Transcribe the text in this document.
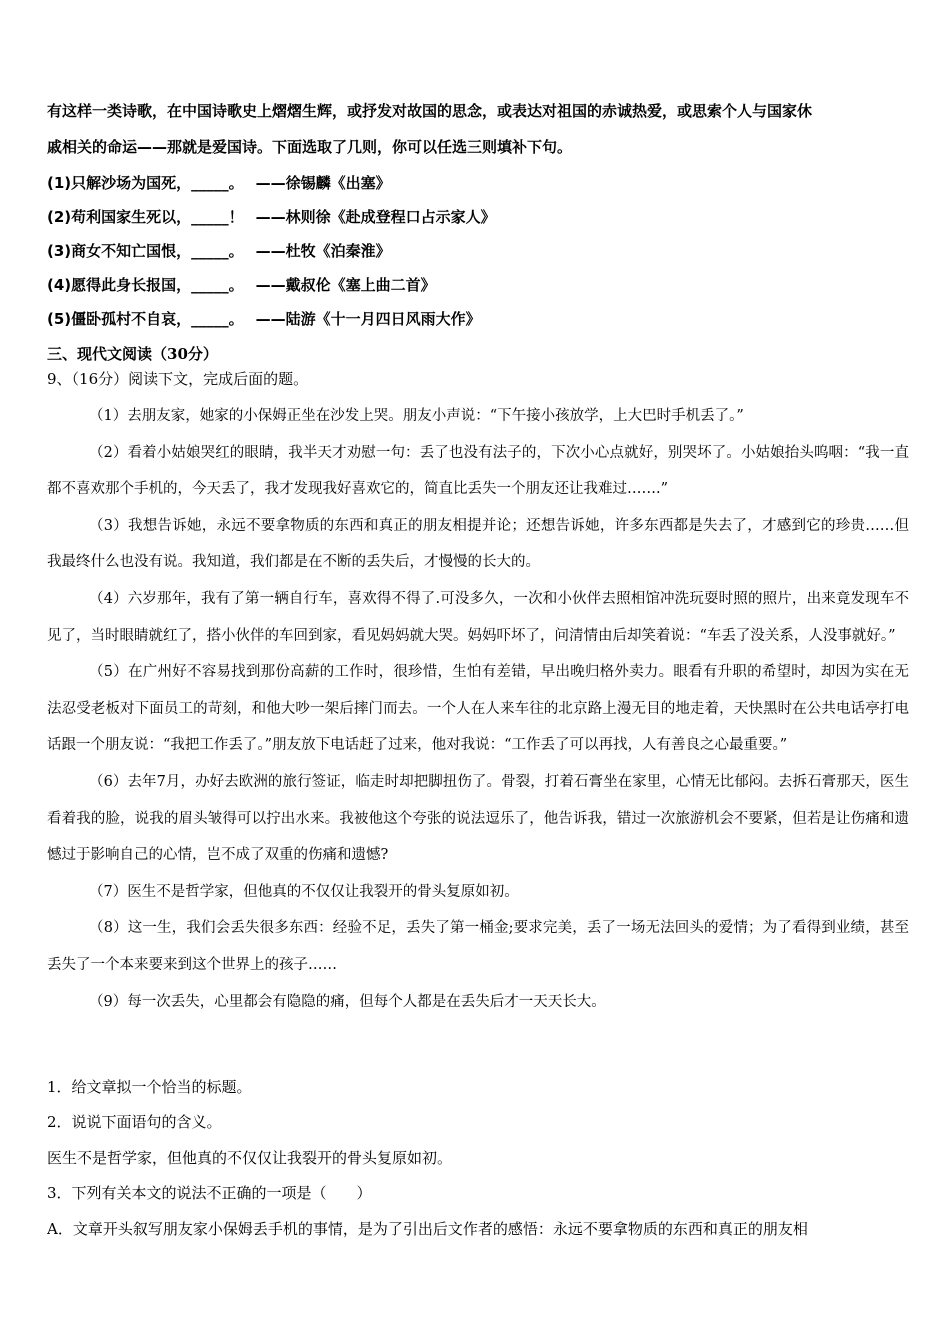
有这样一类诗歌，在中国诗歌史上熠熠生辉，或抒发对故国的思念，或表达对祖国的赤诚热爱，或思索个人与国家休

戚相关的命运——那就是爱国诗。下面选取了几则，你可以任选三则填补下句。

(1)只解沙场为国死，_____。 ——徐锡麟《出塞》
(2)苟利国家生死以，_____！ ——林则徐《赴成登程口占示家人》
(3)商女不知亡国恨，_____。 ——杜牧《泊秦淮》
(4)愿得此身长报国，_____。 ——戴叔伦《塞上曲二首》
(5)僵卧孤村不自哀，_____。 ——陆游《十一月四日风雨大作》
三、现代文阅读（30分）
9、（16分）阅读下文，完成后面的题。

（1）去朋友家，她家的小保姆正坐在沙发上哭。朋友小声说：“下午接小孩放学，上大巴时手机丢了。”

（2）看着小姑娘哭红的眼睛，我半天才劝慰一句：丢了也没有法子的，下次小心点就好，别哭坏了。小姑娘抬头呜咽：“我一直都不喜欢那个手机的，今天丢了，我才发现我好喜欢它的，简直比丢失一个朋友还让我难过…….”

（3）我想告诉她，永远不要拿物质的东西和真正的朋友相提并论；还想告诉她，许多东西都是失去了，才感到它的珍贵……但我最终什么也没有说。我知道，我们都是在不断的丢失后，才慢慢的长大的。

（4）六岁那年，我有了第一辆自行车，喜欢得不得了.可没多久，一次和小伙伴去照相馆冲洗玩耍时照的照片，出来竟发现车不见了，当时眼睛就红了，搭小伙伴的车回到家，看见妈妈就大哭。妈妈吓坏了，问清情由后却笑着说：“车丢了没关系，人没事就好。”

（5）在广州好不容易找到那份高薪的工作时，很珍惜，生怕有差错，早出晚归格外卖力。眼看有升职的希望时，却因为实在无法忍受老板对下面员工的苛刻，和他大吵一架后摔门而去。一个人在人来车往的北京路上漫无目的地走着，天快黑时在公共电话亭打电话跟一个朋友说：“我把工作丢了。”朋友放下电话赶了过来，他对我说：“工作丢了可以再找，人有善良之心最重要。”

（6）去年7月，办好去欧洲的旅行签证，临走时却把脚扭伤了。骨裂，打着石膏坐在家里，心情无比郁闷。去拆石膏那天，医生看着我的脸，说我的眉头皱得可以拧出水来。我被他这个夸张的说法逗乐了，他告诉我，错过一次旅游机会不要紧，但若是让伤痛和遗憾过于影响自己的心情，岂不成了双重的伤痛和遗憾?

（7）医生不是哲学家，但他真的不仅仅让我裂开的骨头复原如初。

（8）这一生，我们会丢失很多东西：经验不足，丢失了第一桶金;要求完美，丢了一场无法回头的爱情；为了看得到业绩，甚至丢失了一个本来要来到这个世界上的孩子……

（9）每一次丢失，心里都会有隐隐的痛，但每个人都是在丢失后才一天天长大。

1．给文章拟一个恰当的标题。

2．说说下面语句的含义。

医生不是哲学家，但他真的不仅仅让我裂开的骨头复原如初。

3．下列有关本文的说法不正确的一项是（　　）

A．文章开头叙写朋友家小保姆丢手机的事情，是为了引出后文作者的感悟：永远不要拿物质的东西和真正的朋友相
